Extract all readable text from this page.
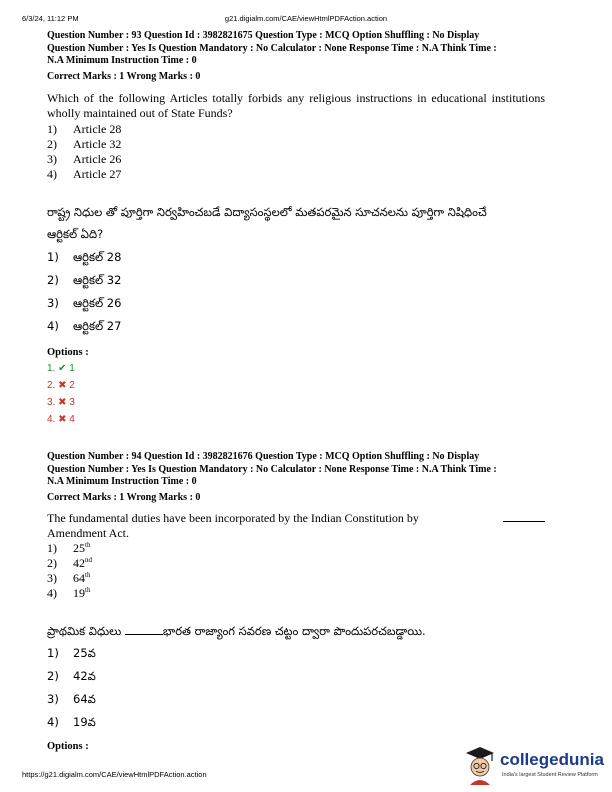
6/3/24, 11:12 PM	g21.digialm.com/CAE/viewHtmlPDFAction.action
Question Number : 93 Question Id : 3982821675 Question Type : MCQ Option Shuffling : No Display
Question Number : Yes Is Question Mandatory : No Calculator : None Response Time : N.A Think Time :
N.A Minimum Instruction Time : 0
Correct Marks : 1 Wrong Marks : 0
Which of the following Articles totally forbids any religious instructions in educational institutions wholly maintained out of State Funds?
1) Article 28
2) Article 32
3) Article 26
4) Article 27
రాష్ట్ర నిధుల తో పూర్తిగా నిర్వహించబడే విద్యాసంస్థలలో మతపరమైన సూచనలను పూర్తిగా నిషిధించే
ఆర్టికల్ ఏది?
1) ఆర్టికల్ 28
2) ఆర్టికల్ 32
3) ఆర్టికల్ 26
4) ఆర్టికల్ 27
Options :
1. ✔ 1
2. ✖ 2
3. ✖ 3
4. ✖ 4
Question Number : 94 Question Id : 3982821676 Question Type : MCQ Option Shuffling : No Display
Question Number : Yes Is Question Mandatory : No Calculator : None Response Time : N.A Think Time :
N.A Minimum Instruction Time : 0
Correct Marks : 1 Wrong Marks : 0
The fundamental duties have been incorporated by the Indian Constitution by
Amendment Act.
1) 25th
2) 42nd
3) 64th
4) 19th
ప్రాథమిక విధులు	భారత రాజ్యాంగ సవరణ చట్టం ద్వారా పొందుపరచబడ్డాయి.
1) 25వ
2) 42వ
3) 64వ
4) 19వ
Options :
https://g21.digialm.com/CAE/viewHtmlPDFAction.action
collegedunia
India's largest Student Review Platform
